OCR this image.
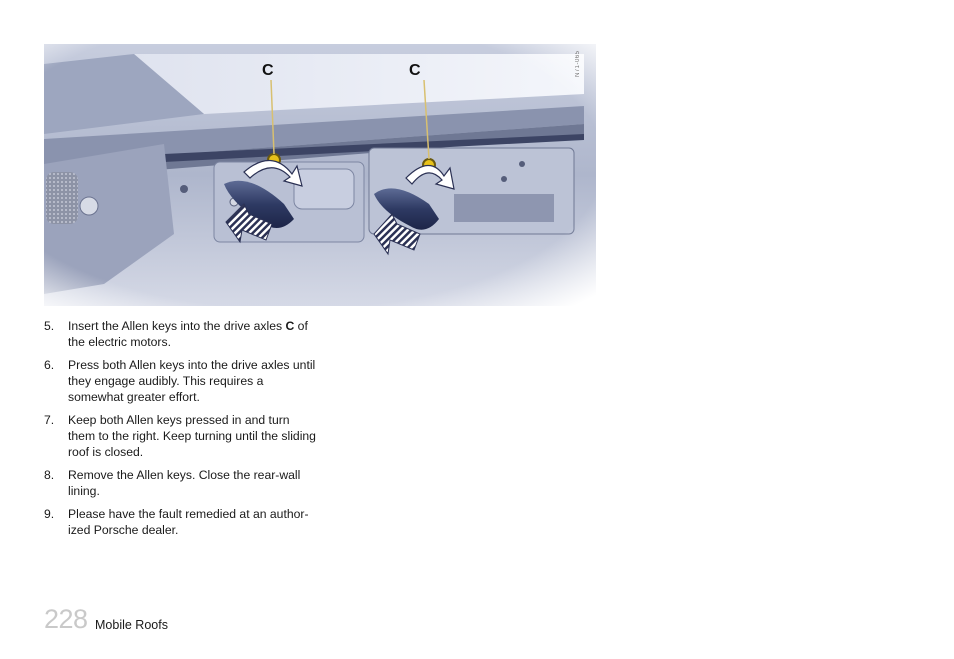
C	C	N71-065
5.	Insert the Allen keys into the drive axles C of the electric motors.
6.	Press both Allen keys into the drive axles until they engage audibly. This requires a somewhat greater effort.
7.	Keep both Allen keys pressed in and turn them to the right. Keep turning until the sliding roof is closed.
8.	Remove the Allen keys. Close the rear-wall lining.
9.	Please have the fault remedied at an author-ized Porsche dealer.
228 Mobile Roofs
